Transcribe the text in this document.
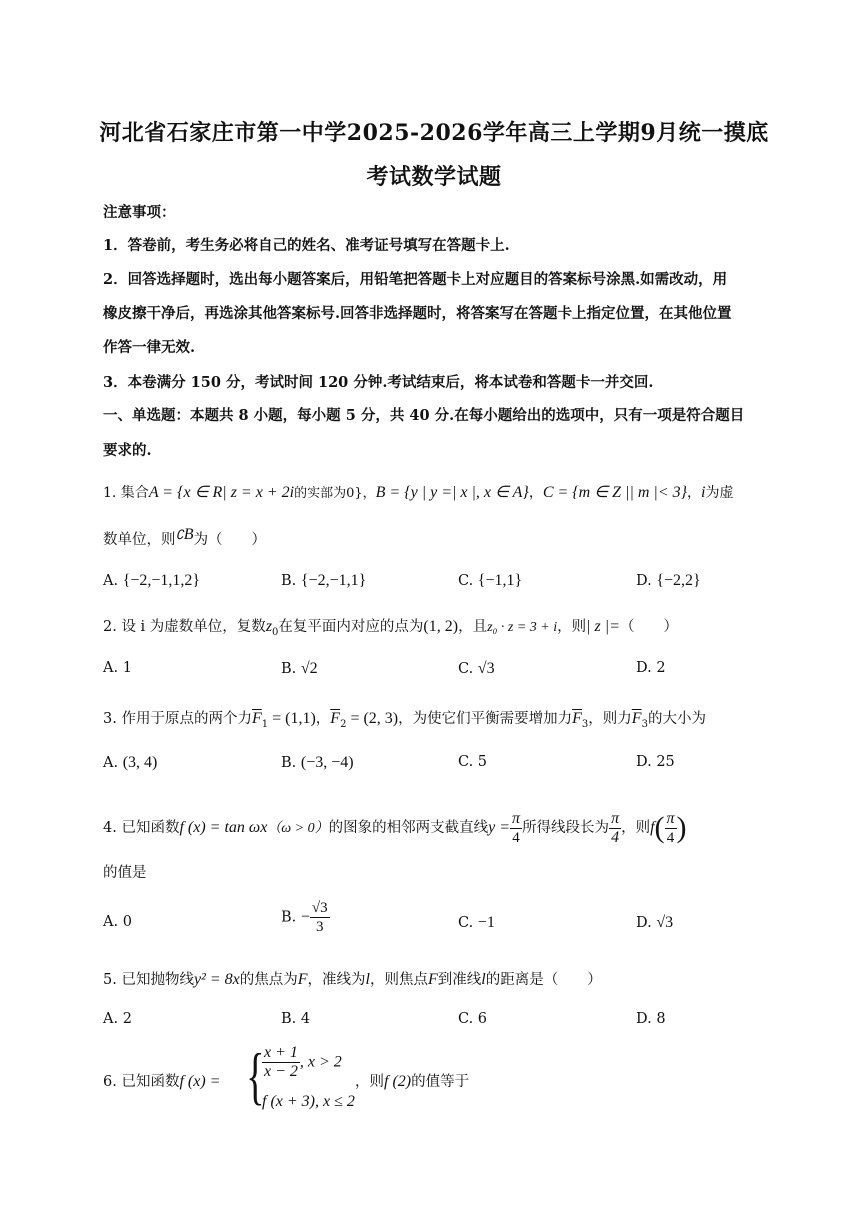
河北省石家庄市第一中学2025-2026学年高三上学期9月统一摸底
考试数学试题
注意事项：
1．答卷前，考生务必将自己的姓名、准考证号填写在答题卡上.
2．回答选择题时，选出每小题答案后，用铅笔把答题卡上对应题目的答案标号涂黑.如需改动，用
橡皮擦干净后，再选涂其他答案标号.回答非选择题时，将答案写在答题卡上指定位置，在其他位置
作答一律无效.
3．本卷满分 150 分，考试时间 120 分钟.考试结束后，将本试卷和答题卡一并交回.
一、单选题：本题共 8 小题，每小题 5 分，共 40 分.在每小题给出的选项中，只有一项是符合题目
要求的.
1. 集合A = {x ∈ R| z = x + 2i的实部为0}，B = {y | y =| x |, x ∈ A}，C = {m ∈ Z || m |< 3}，i为虚
数单位，则∁B为（　　）
A. {−2,−1,1,2}	B. {−2,−1,1}	C. {−1,1}	D. {−2,2}
2. 设 i 为虚数单位，复数$z_0$在复平面内对应的点为(1, 2)，且z₀ · z = 3 + i，则| z |=（　　）
A. 1	B. √2	C. √3	D. 2
3. 作用于原点的两个力$\overline{F}_1 = (1,1)$，$\overline{F}_2 = (2$, 3)，为使它们平衡需要增加力$\overline{F}_3$，则力$\overline{F}_3$的大小为
A. (3, 4)	B. (−3, −4)	C. 5	D. 25
4. 已知函数f (x) = tan ωx（ω > 0）的图象的相邻两支截直线$y = \frac{\pi}{4}$ 所得线段长为 $\frac{\pi}{4}$ ，则$f( \frac{\pi}{4}$ )
的值是
A. 0	B. − $\frac{√3}{3}$	C. −1	D. √3
5. 已知抛物线y² = 8x的焦点为F，准线为l，则焦点F到准线l的距离是（　　）
A. 2	B. 4	C. 6	D. 8
6. 已知函数f (x) = {
$\frac{x + 1}{x - 2}$ , x > 2
f (x + 3), x ≤ 2
，则f (2)的值等于
